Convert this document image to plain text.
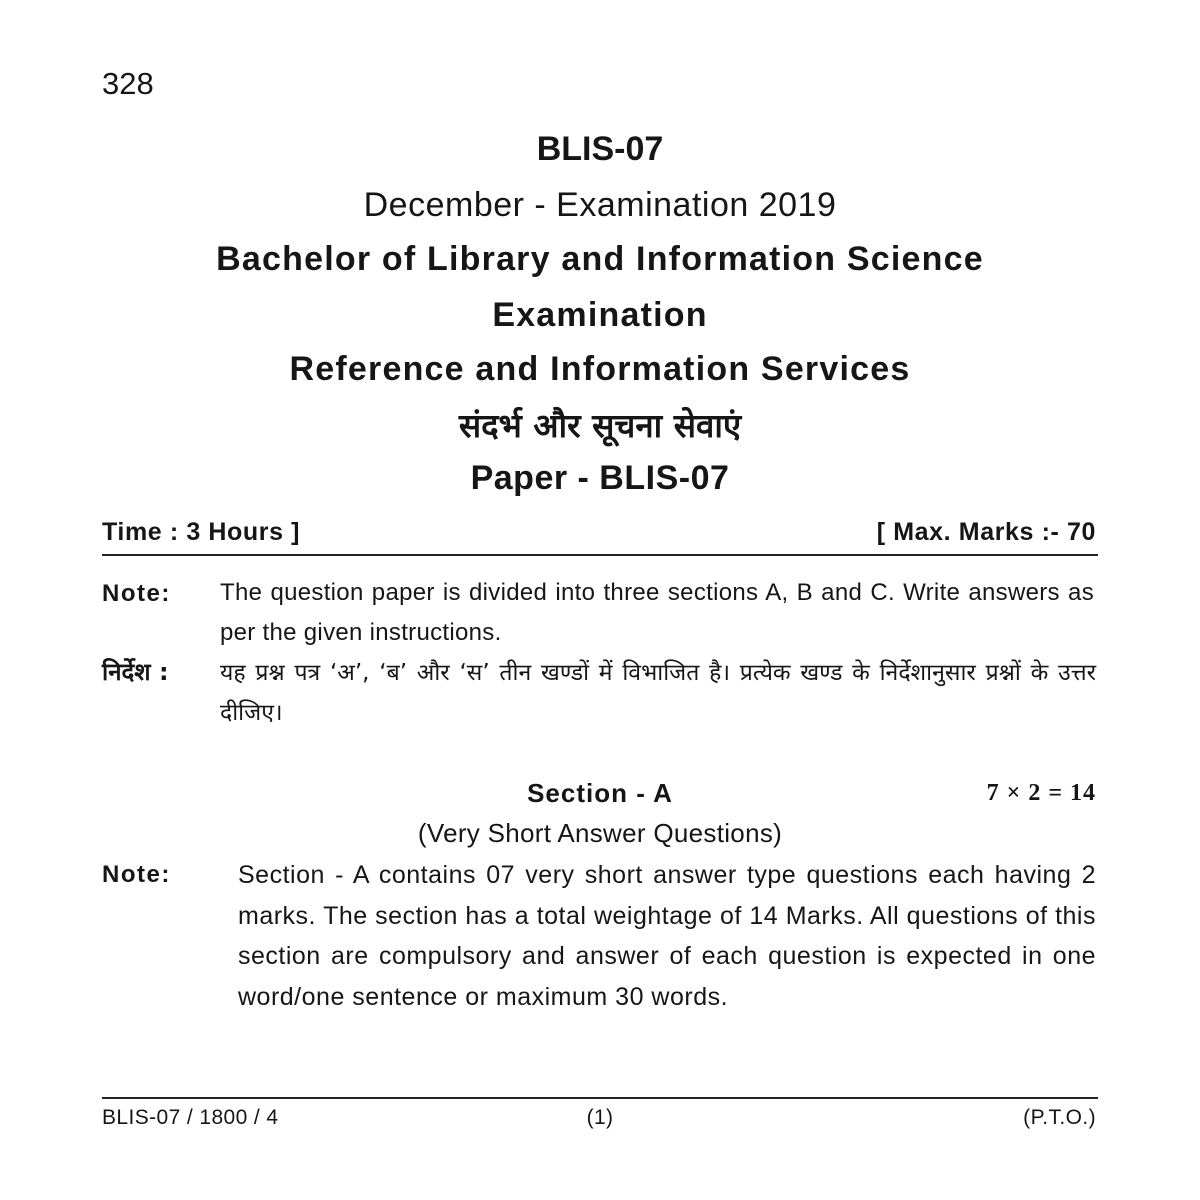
328
BLIS-07
December - Examination 2019
Bachelor of Library and Information Science
Examination
Reference and Information Services
संदर्भ और सूचना सेवाएं
Paper - BLIS-07
Time : 3 Hours ]	[ Max. Marks :- 70
Note: The question paper is divided into three sections A, B and C. Write answers as per the given instructions.
निर्देश : यह प्रश्न पत्र ‘अ’, ‘ब’ और ‘स’ तीन खण्डों में विभाजित है। प्रत्येक खण्ड के निर्देशानुसार प्रश्नों के उत्तर दीजिए।
Section - A	7 × 2 = 14
(Very Short Answer Questions)
Note:	Section - A contains 07 very short answer type questions each having 2 marks. The section has a total weightage of 14 Marks. All questions of this section are compulsory and answer of each question is expected in one word/one sentence or maximum 30 words.
BLIS-07 / 1800 / 4	(1)	(P.T.O.)
